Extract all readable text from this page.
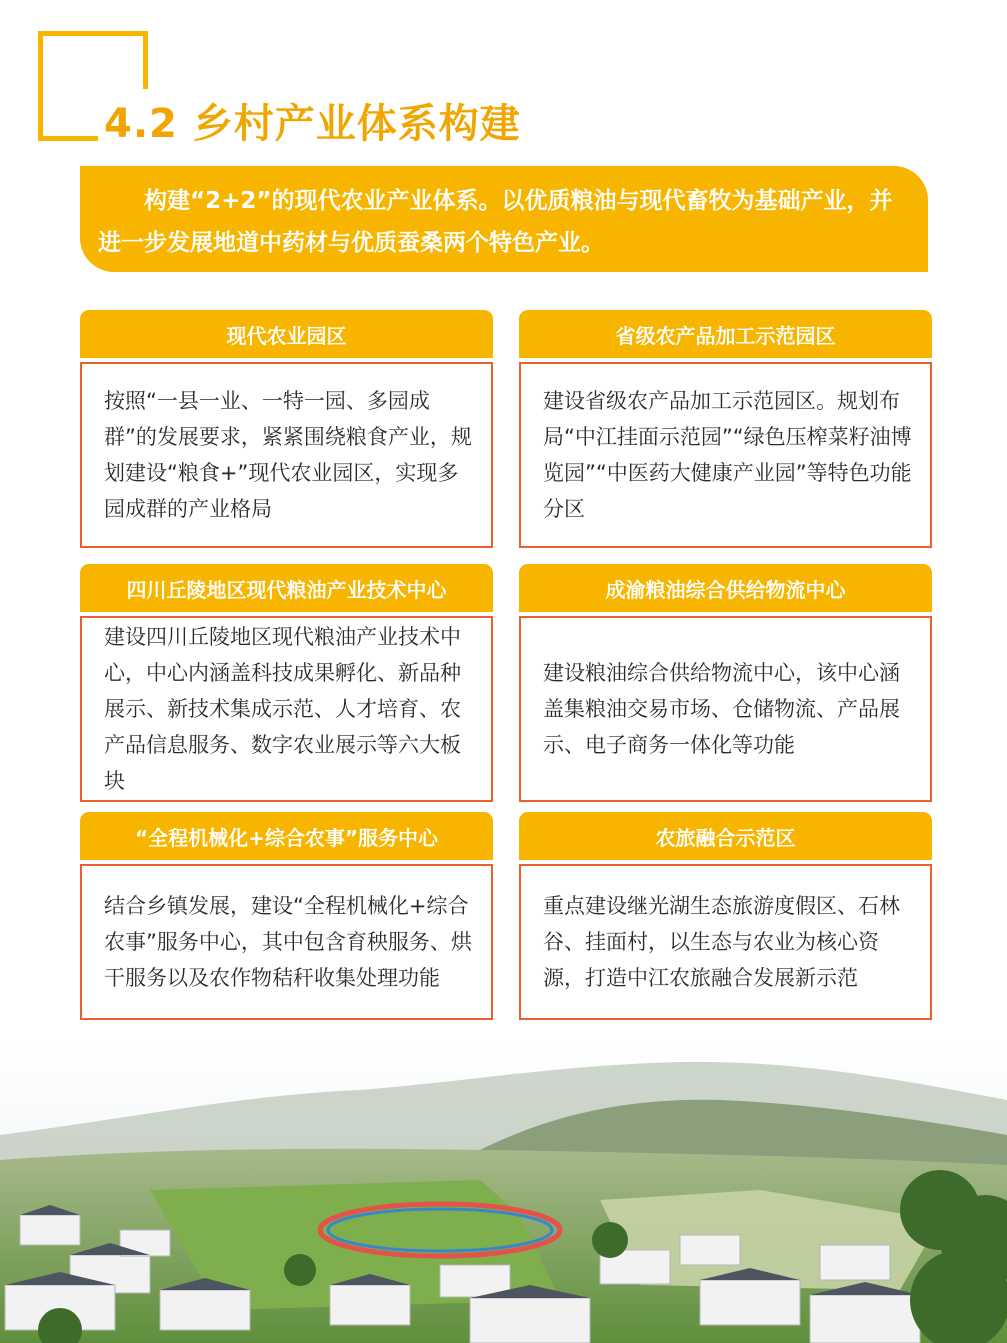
4.2 乡村产业体系构建

构建“2+2”的现代农业产业体系。以优质粮油与现代畜牧为基础产业，并进一步发展地道中药材与优质蚕桑两个特色产业。

现代农业园区

按照“一县一业、一特一园、多园成群”的发展要求，紧紧围绕粮食产业，规划建设“粮食+”现代农业园区，实现多园成群的产业格局

省级农产品加工示范园区

建设省级农产品加工示范园区。规划布局“中江挂面示范园”“绿色压榨菜籽油博览园”“中医药大健康产业园”等特色功能分区

四川丘陵地区现代粮油产业技术中心

建设四川丘陵地区现代粮油产业技术中心，中心内涵盖科技成果孵化、新品种展示、新技术集成示范、人才培育、农产品信息服务、数字农业展示等六大板块

成渝粮油综合供给物流中心

建设粮油综合供给物流中心，该中心涵盖集粮油交易市场、仓储物流、产品展示、电子商务一体化等功能

“全程机械化+综合农事”服务中心

结合乡镇发展，建设“全程机械化+综合农事”服务中心，其中包含育秧服务、烘干服务以及农作物秸秆收集处理功能

农旅融合示范区

重点建设继光湖生态旅游度假区、石林谷、挂面村，以生态与农业为核心资源，打造中江农旅融合发展新示范
